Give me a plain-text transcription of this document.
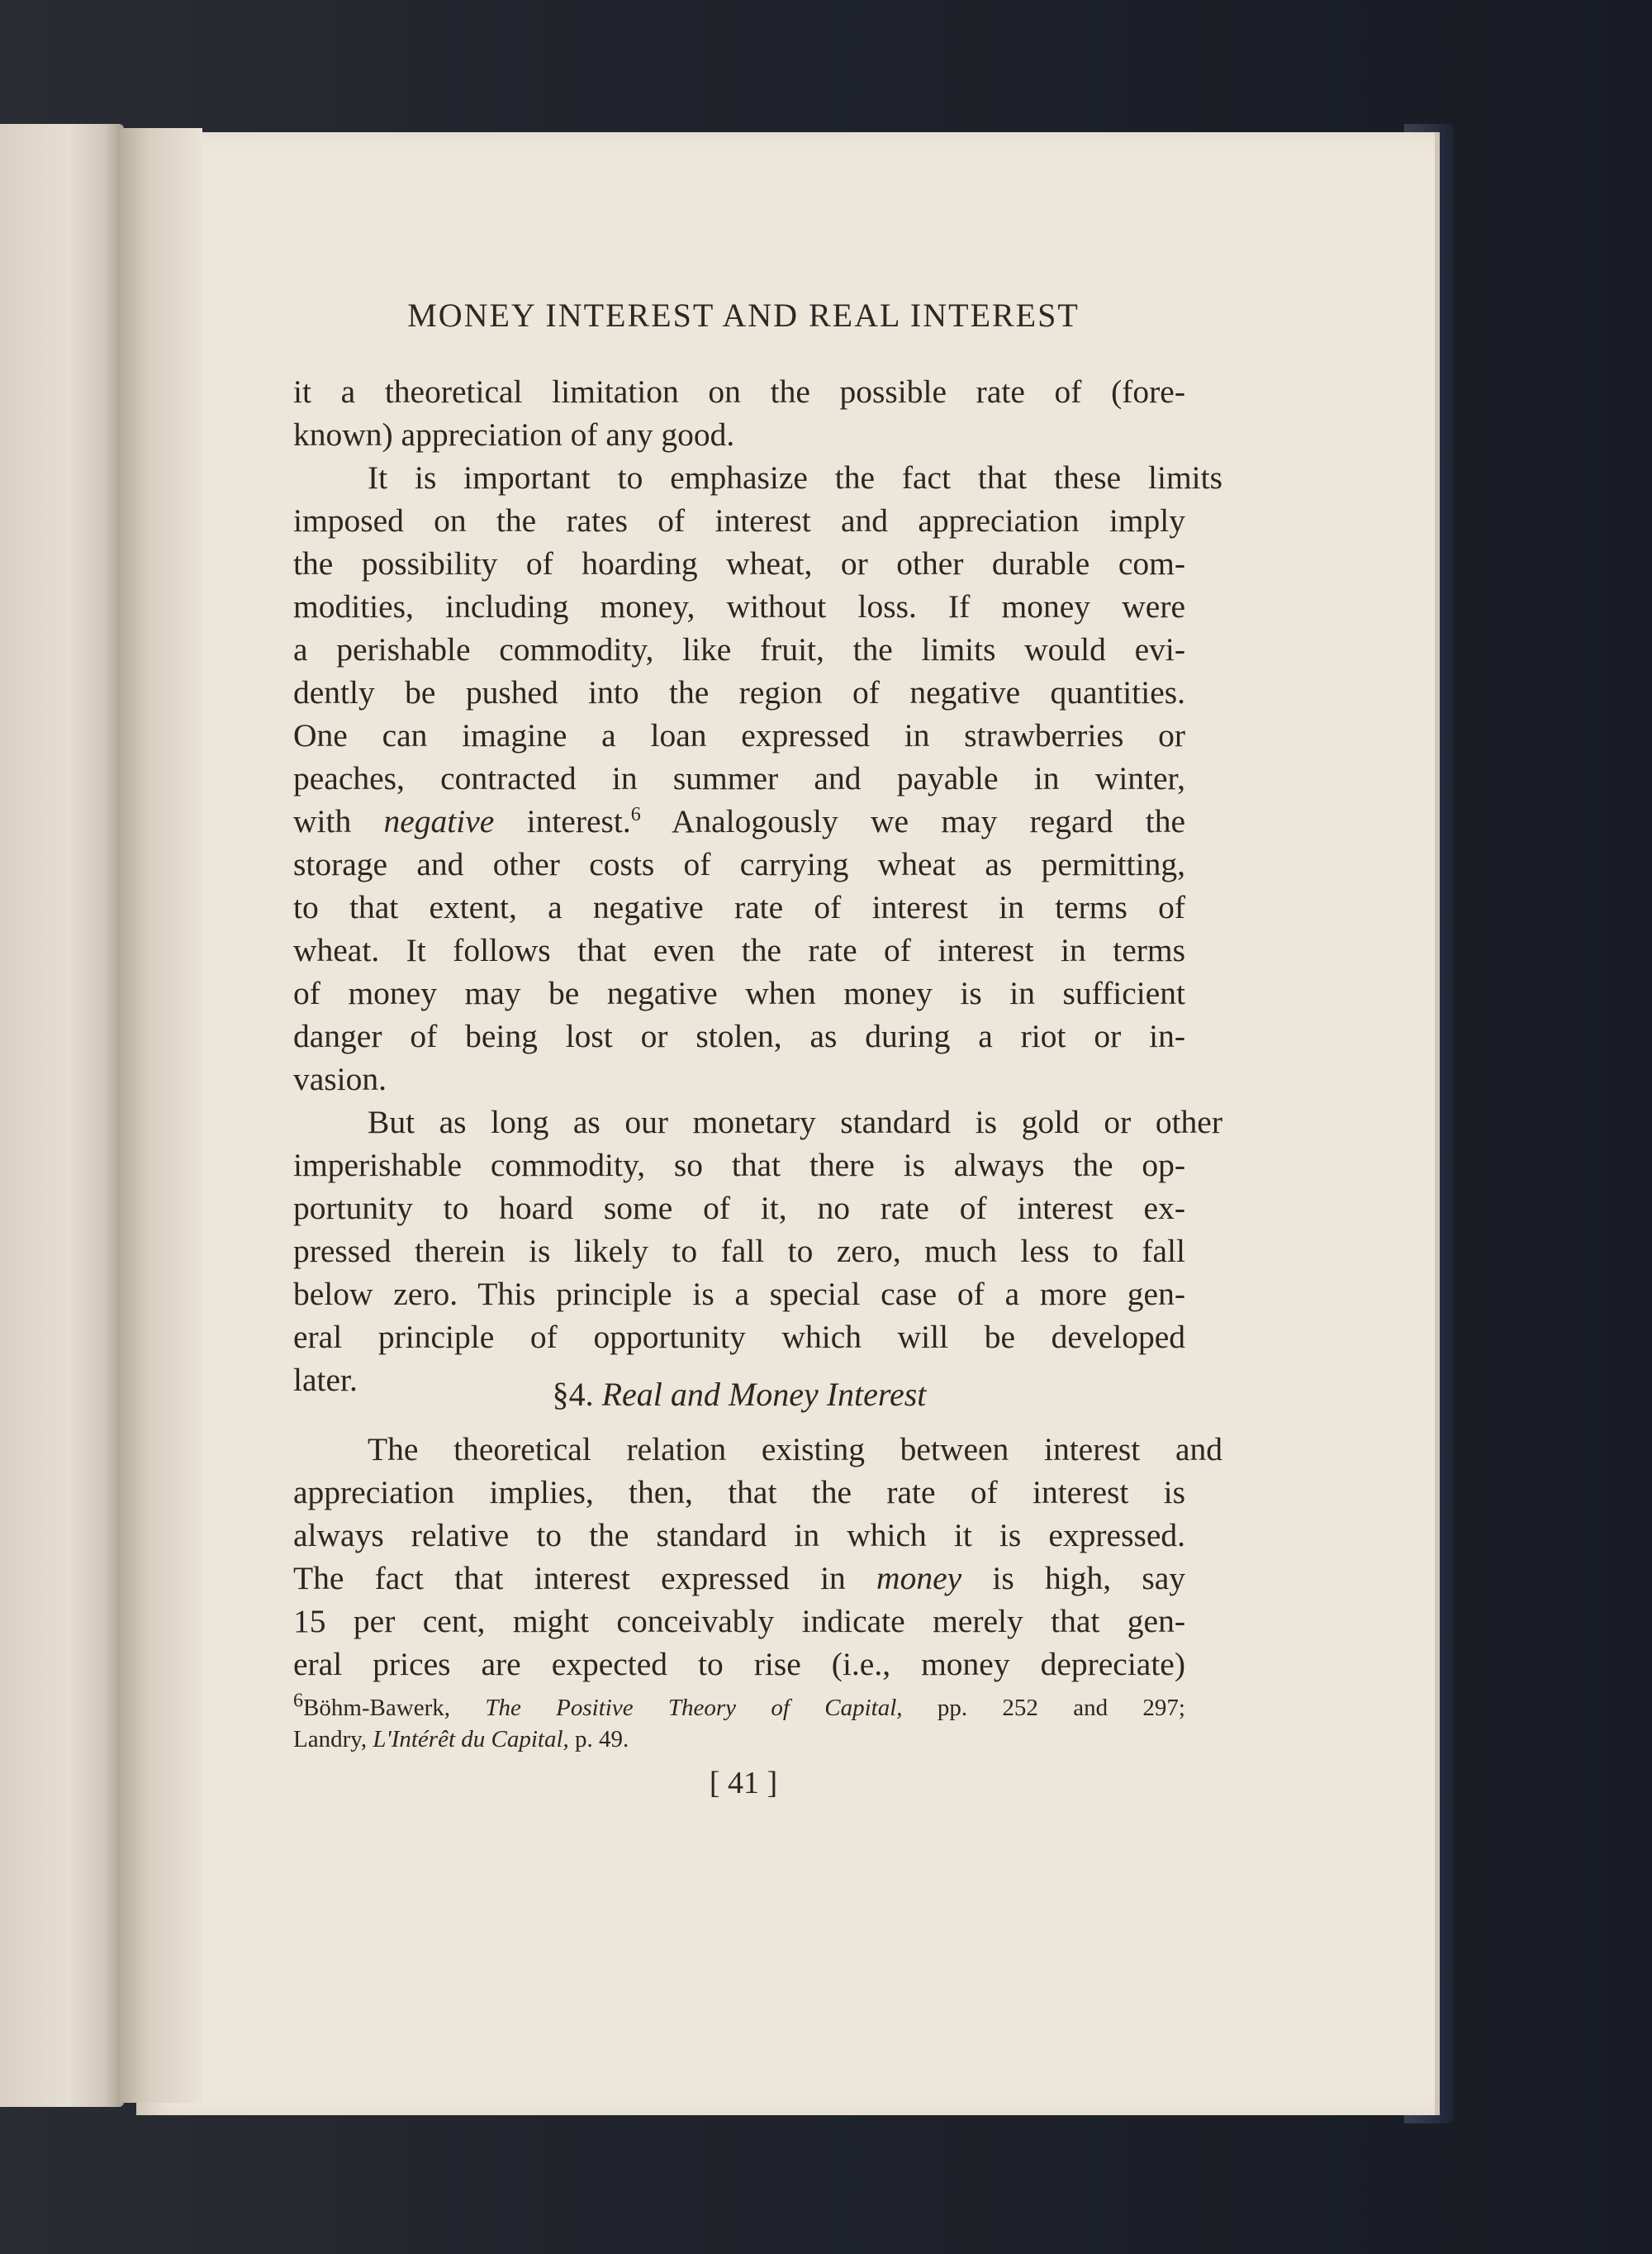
MONEY INTEREST AND REAL INTEREST
it a theoretical limitation on the possible rate of (fore-
known) appreciation of any good.
It is important to emphasize the fact that these limits
imposed on the rates of interest and appreciation imply
the possibility of hoarding wheat, or other durable com-
modities, including money, without loss. If money were
a perishable commodity, like fruit, the limits would evi-
dently be pushed into the region of negative quantities.
One can imagine a loan expressed in strawberries or
peaches, contracted in summer and payable in winter,
with negative interest.$^6$ Analogously we may regard the
storage and other costs of carrying wheat as permitting,
to that extent, a negative rate of interest in terms of
wheat. It follows that even the rate of interest in terms
of money may be negative when money is in sufficient
danger of being lost or stolen, as during a riot or in-
vasion.
But as long as our monetary standard is gold or other
imperishable commodity, so that there is always the op-
portunity to hoard some of it, no rate of interest ex-
pressed therein is likely to fall to zero, much less to fall
below zero. This principle is a special case of a more gen-
eral principle of opportunity which will be developed
later.	§4. Real and Money Interest
The theoretical relation existing between interest and
appreciation implies, then, that the rate of interest is
always relative to the standard in which it is expressed.
The fact that interest expressed in money is high, say
15 per cent, might conceivably indicate merely that gen-
eral prices are expected to rise (i.e., money depreciate)
$^6$Böhm-Bawerk, The Positive Theory of Capital, pp. 252 and 297;
Landry, L'Intérêt du Capital, p. 49.
[ 41 ]
